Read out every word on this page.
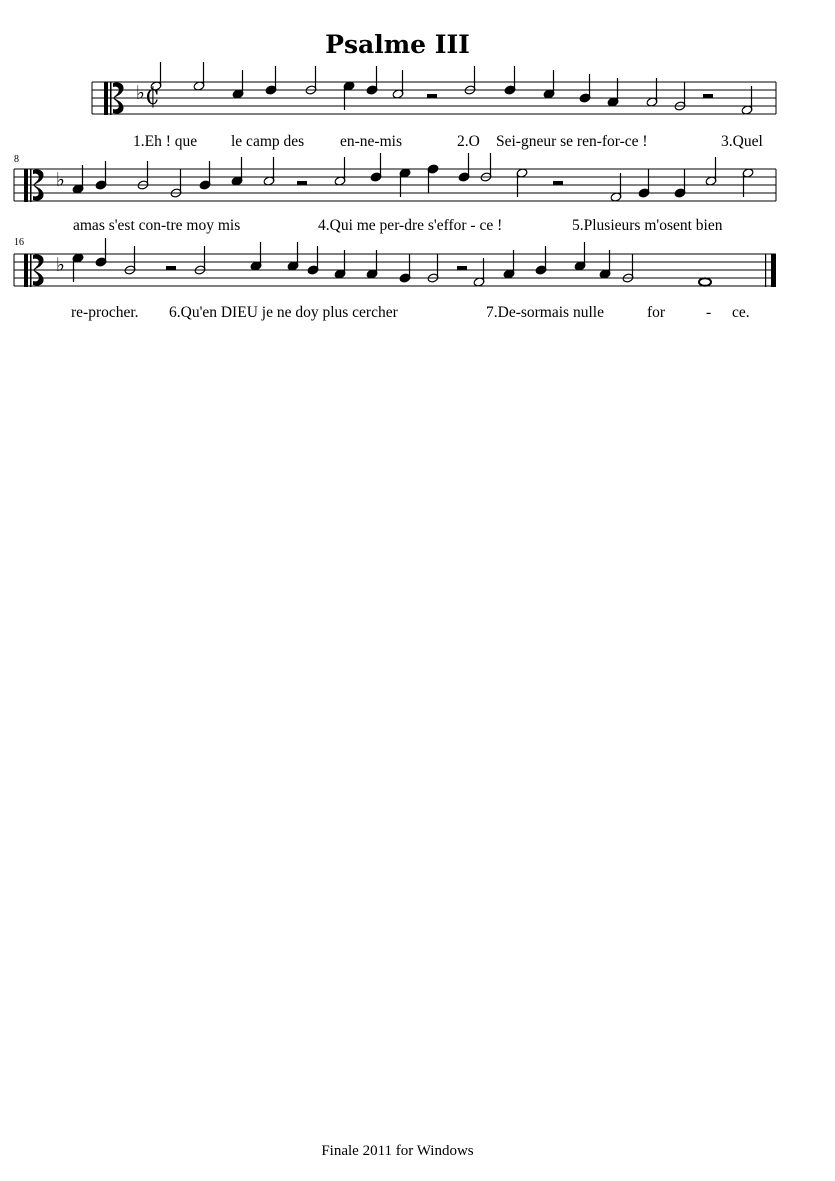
Psalme III
♭ ₵
1.Eh ! que le camp des en-ne-mis	2.O Sei-gneur se ren-for-ce !	3.Quel
8
♭
amas s'est con-tre moy mis	4.Qui me per-dre s'effor - ce !	5.Plusieurs m'osent bien
16
♭
re-procher. 6.Qu'en DIEU je ne doy plus cercher	7.De-sormais nulle	for	- ce.
Finale 2011 for Windows
